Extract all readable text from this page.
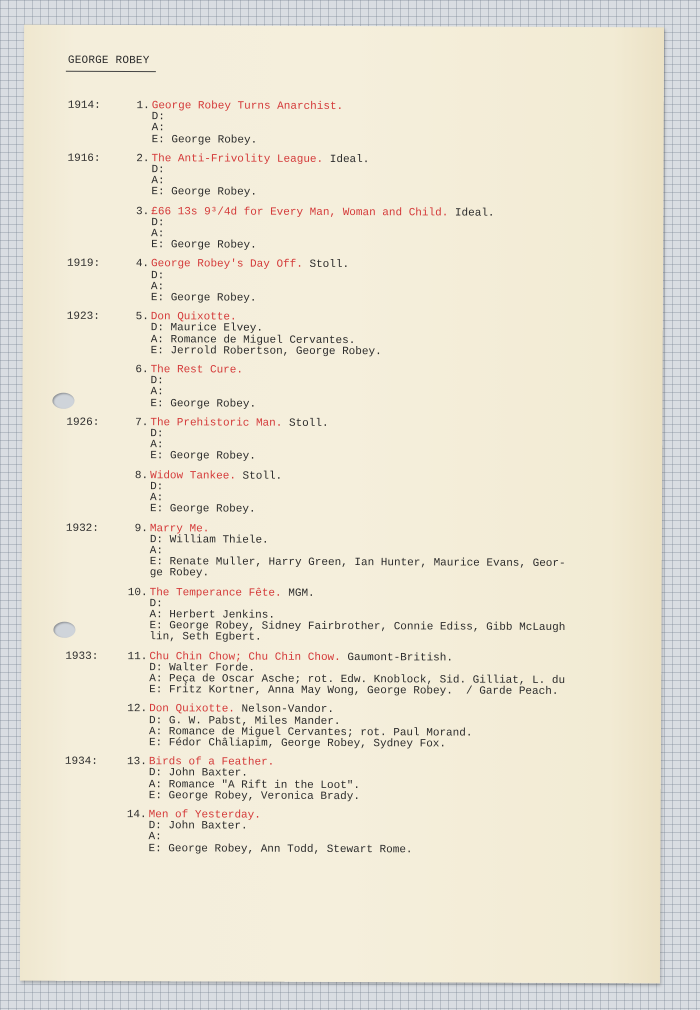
GEORGE ROBEY
1914:	1. George Robey Turns Anarchist.
D:
A:
E: George Robey.
1916:	2. The Anti-Frivolity League. Ideal.
D:
A:
E: George Robey.
3. £66 13s 9³/4d for Every Man, Woman and Child. Ideal.
D:
A:
E: George Robey.
1919:	4. George Robey's Day Off. Stoll.
D:
A:
E: George Robey.
1923:	5. Don Quixotte.
D: Maurice Elvey.
A: Romance de Miguel Cervantes.
E: Jerrold Robertson, George Robey.
6. The Rest Cure.
D:
A:
E: George Robey.
1926:	7. The Prehistoric Man. Stoll.
D:
A:
E: George Robey.
8. Widow Tankee. Stoll.
D:
A:
E: George Robey.
1932:	9. Marry Me.
D: William Thiele.
A:
E: Renate Muller, Harry Green, Ian Hunter, Maurice Evans, Geor-
ge Robey.
10. The Temperance Fête. MGM.
D:
A: Herbert Jenkins.
E: George Robey, Sidney Fairbrother, Connie Ediss, Gibb McLaugh
lin, Seth Egbert.
1933:	11. Chu Chin Chow; Chu Chin Chow. Gaumont-British.
D: Walter Forde.
A: Peça de Oscar Asche; rot. Edw. Knoblock, Sid. Gilliat, L. du
E: Fritz Kortner, Anna May Wong, George Robey.  / Garde Peach.
12. Don Quixotte. Nelson-Vandor.
D: G. W. Pabst, Miles Mander.
A: Romance de Miguel Cervantes; rot. Paul Morand.
E: Fédor Châliapim, George Robey, Sydney Fox.
1934:	13. Birds of a Feather.
D: John Baxter.
A: Romance "A Rift in the Loot".
E: George Robey, Veronica Brady.
14. Men of Yesterday.
D: John Baxter.
A:
E: George Robey, Ann Todd, Stewart Rome.
